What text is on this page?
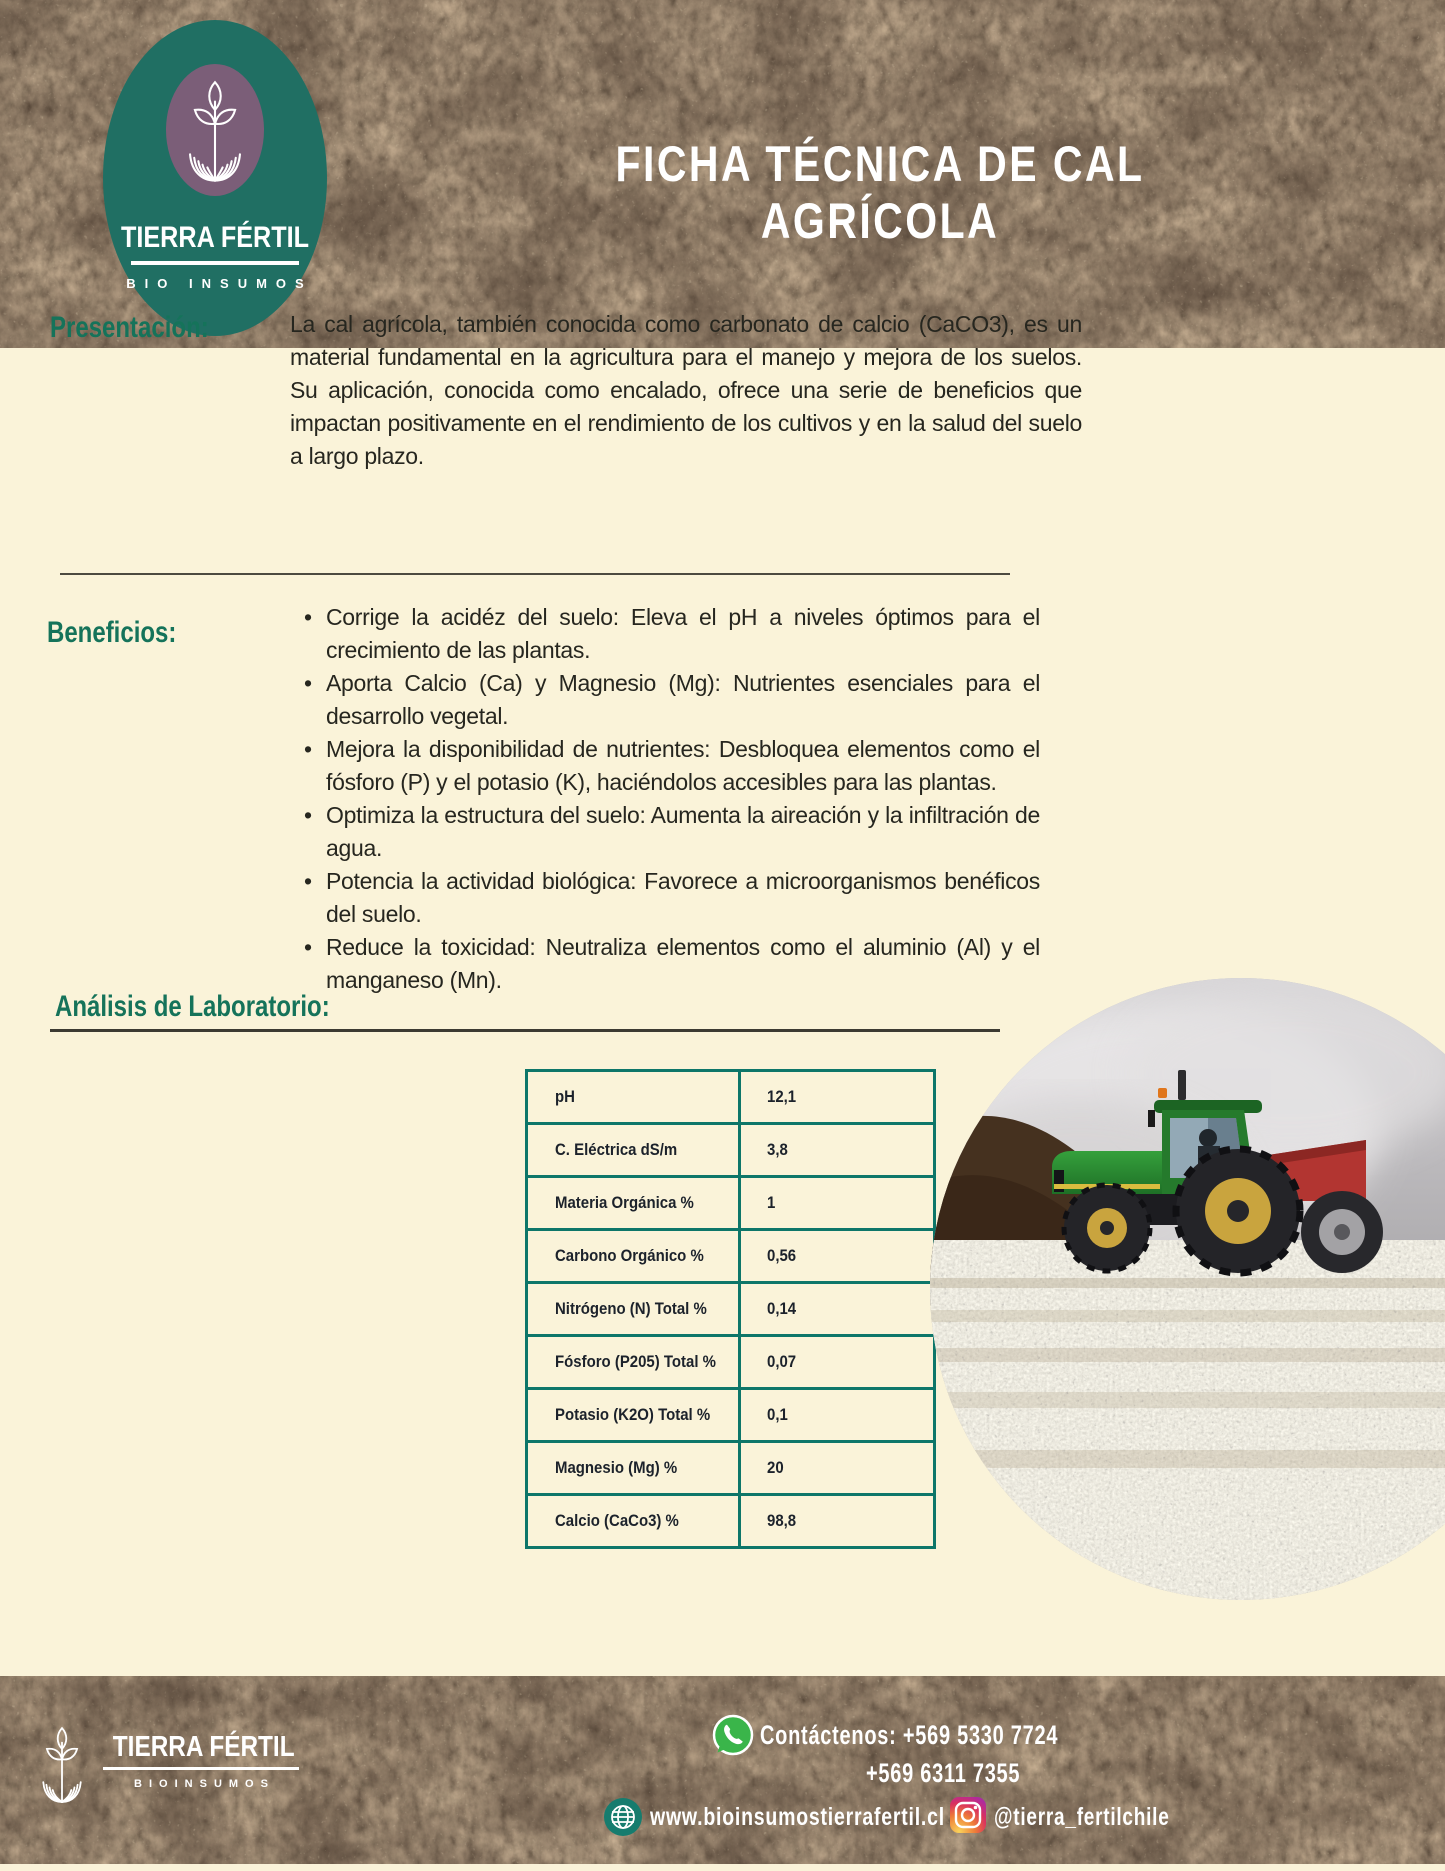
TIERRA FÉRTIL
BIO INSUMOS
FICHA TÉCNICA DE CAL
AGRÍCOLA
Presentación:	La cal agrícola, también conocida como carbonato de calcio (CaCO3), es un material fundamental en la agricultura para el manejo y mejora de los suelos. Su aplicación, conocida como encalado, ofrece una serie de beneficios que impactan positivamente en el rendimiento de los cultivos y en la salud del suelo a largo plazo.

Beneficios:	• Corrige la acidéz del suelo: Eleva el pH a niveles óptimos para el crecimiento de las plantas.
• Aporta Calcio (Ca) y Magnesio (Mg): Nutrientes esenciales para el desarrollo vegetal.
• Mejora la disponibilidad de nutrientes: Desbloquea elementos como el fósforo (P) y el potasio (K), haciéndolos accesibles para las plantas.
• Optimiza la estructura del suelo: Aumenta la aireación y la infiltración de agua.
• Potencia la actividad biológica: Favorece a microorganismos benéficos del suelo.
• Reduce la toxicidad: Neutraliza elementos como el aluminio (Al) y el manganeso (Mn).
Análisis de Laboratorio:
pH	12,1
C. Eléctrica dS/m	3,8
Materia Orgánica %	1
Carbono Orgánico %	0,56
Nitrógeno (N) Total %	0,14
Fósforo (P205) Total %	0,07
Potasio (K2O) Total %	0,1
Magnesio (Mg) %	20
Calcio (CaCo3) %	98,8
TIERRA FÉRTIL
BIOINSUMOS
Contáctenos: +569 5330 7724
+569 6311 7355
www.bioinsumostierrafertil.cl @tierra_fertilchile
